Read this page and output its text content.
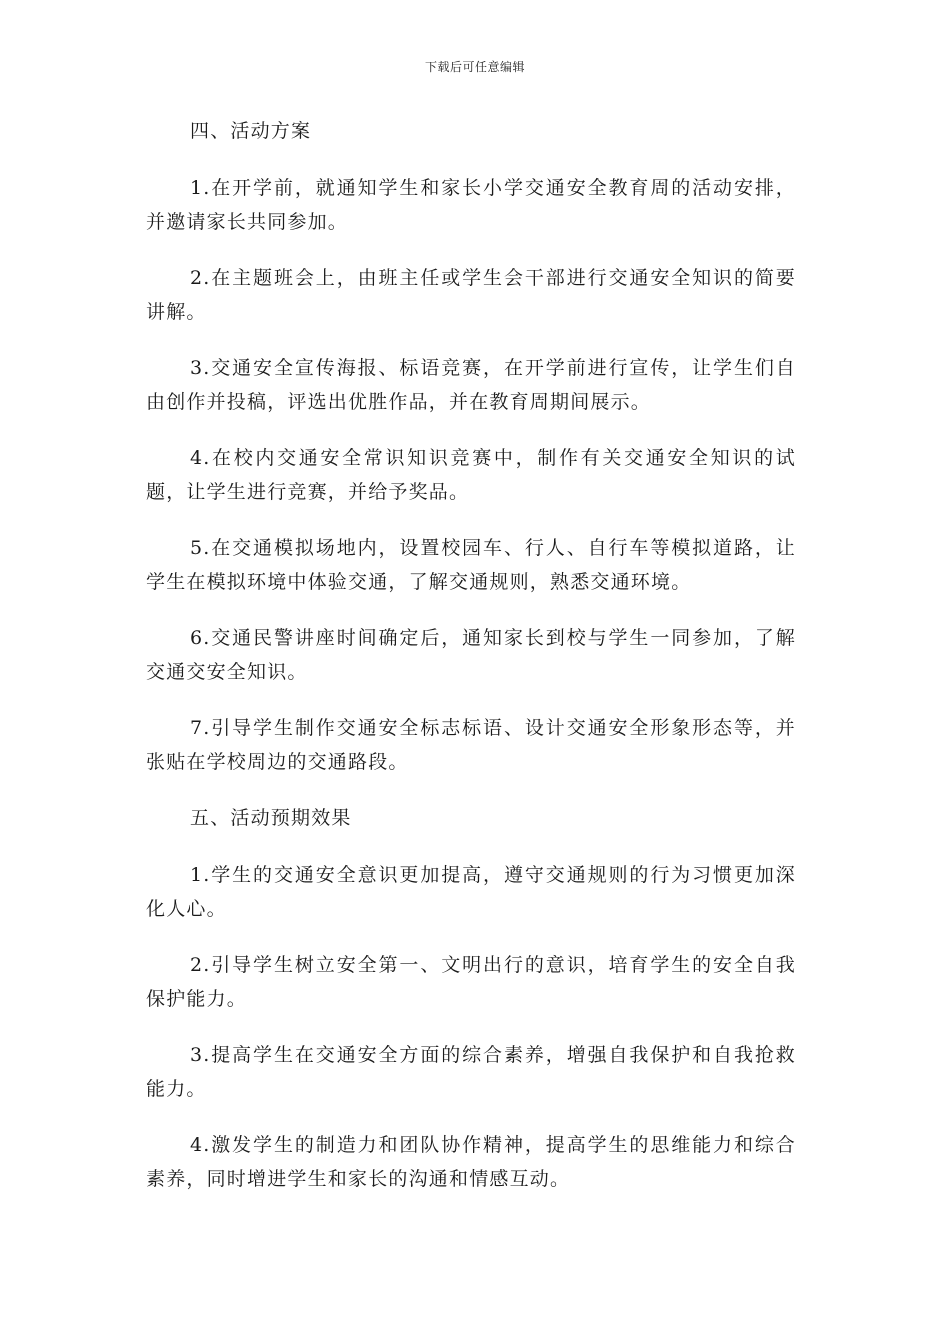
下载后可任意编辑
四、活动方案

1.在开学前，就通知学生和家长小学交通安全教育周的活动安排，并邀请家长共同参加。

2.在主题班会上，由班主任或学生会干部进行交通安全知识的简要讲解。

3.交通安全宣传海报、标语竞赛，在开学前进行宣传，让学生们自由创作并投稿，评选出优胜作品，并在教育周期间展示。

4.在校内交通安全常识知识竞赛中，制作有关交通安全知识的试题，让学生进行竞赛，并给予奖品。

5.在交通模拟场地内，设置校园车、行人、自行车等模拟道路，让学生在模拟环境中体验交通，了解交通规则，熟悉交通环境。

6.交通民警讲座时间确定后，通知家长到校与学生一同参加，了解交通交安全知识。

7.引导学生制作交通安全标志标语、设计交通安全形象形态等，并张贴在学校周边的交通路段。

五、活动预期效果

1.学生的交通安全意识更加提高，遵守交通规则的行为习惯更加深化人心。

2.引导学生树立安全第一、文明出行的意识，培育学生的安全自我保护能力。

3.提高学生在交通安全方面的综合素养，增强自我保护和自我抢救能力。

4.激发学生的制造力和团队协作精神，提高学生的思维能力和综合素养，同时增进学生和家长的沟通和情感互动。
